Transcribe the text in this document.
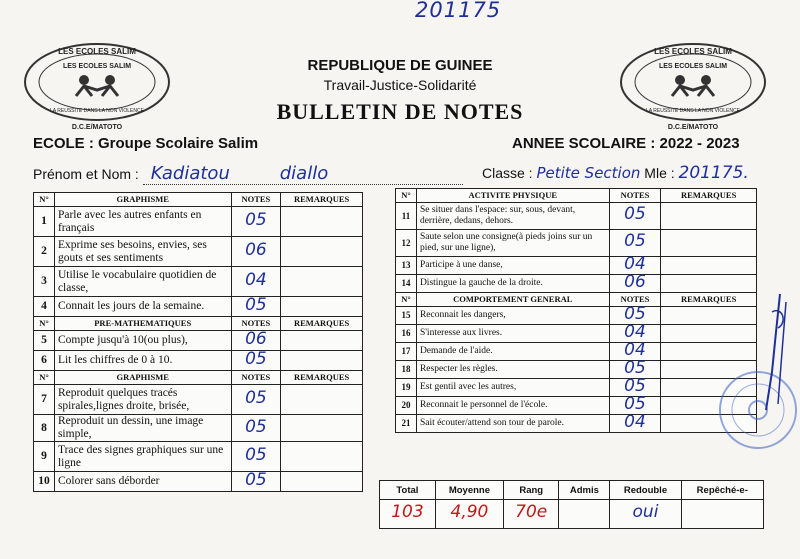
201175
LES ECOLES SALIM
LES ECOLES SALIM
LA REUSSITE DANS LA NON VIOLENCE
D.C.E/MATOTO
LES ECOLES SALIM
LES ECOLES SALIM
LA REUSSITE DANS LA NON VIOLENCE
D.C.E/MATOTO
REPUBLIQUE DE GUINEE
Travail-Justice-Solidarité
BULLETIN DE NOTES
ECOLE : Groupe Scolaire Salim	ANNEE SCOLAIRE : 2022 - 2023
Prénom et Nom : Kadiatou	diallo	Classe : Petite Section Mle : 201175.
N°	GRAPHISME	NOTES	REMARQUES
1	Parle avec les autres enfants en français	05	
2	Exprime ses besoins, envies, ses gouts et ses sentiments	06	
3	Utilise le vocabulaire quotidien de classe,	04	
4	Connait les jours de la semaine.	05	
N°	PRE-MATHEMATIQUES	NOTES	REMARQUES
5	Compte jusqu'à 10(ou plus),	06	
6	Lit les chiffres de 0 à 10.	05	
N°	GRAPHISME	NOTES	REMARQUES
7	Reproduit quelques tracés spirales,lignes droite, brisée,	05	
8	Reproduit un dessin, une image simple,	05	
9	Trace des signes graphiques sur une ligne	05	
10	Colorer sans déborder	05	
N°	ACTIVITE PHYSIQUE	NOTES	REMARQUES
11	Se situer dans l'espace: sur, sous, devant, derrière, dedans, dehors.	05	
12	Saute selon une consigne(à pieds joins sur un pied, sur une ligne),	05	
13	Participe à une danse,	04	
14	Distingue la gauche de la droite.	06	
N°	COMPORTEMENT GENERAL	NOTES	REMARQUES
15	Reconnait les dangers,	05	
16	S'interesse aux livres.	04	
17	Demande de l'aide.	04	
18	Respecter les règles.	05	
19	Est gentil avec les autres,	05	
20	Reconnait le personnel de l'école.	05	
21	Sait écouter/attend son tour de parole.	04	
Total	Moyenne	Rang	Admis	Redouble	Repêché-e-
103	4,90	70e		oui	
